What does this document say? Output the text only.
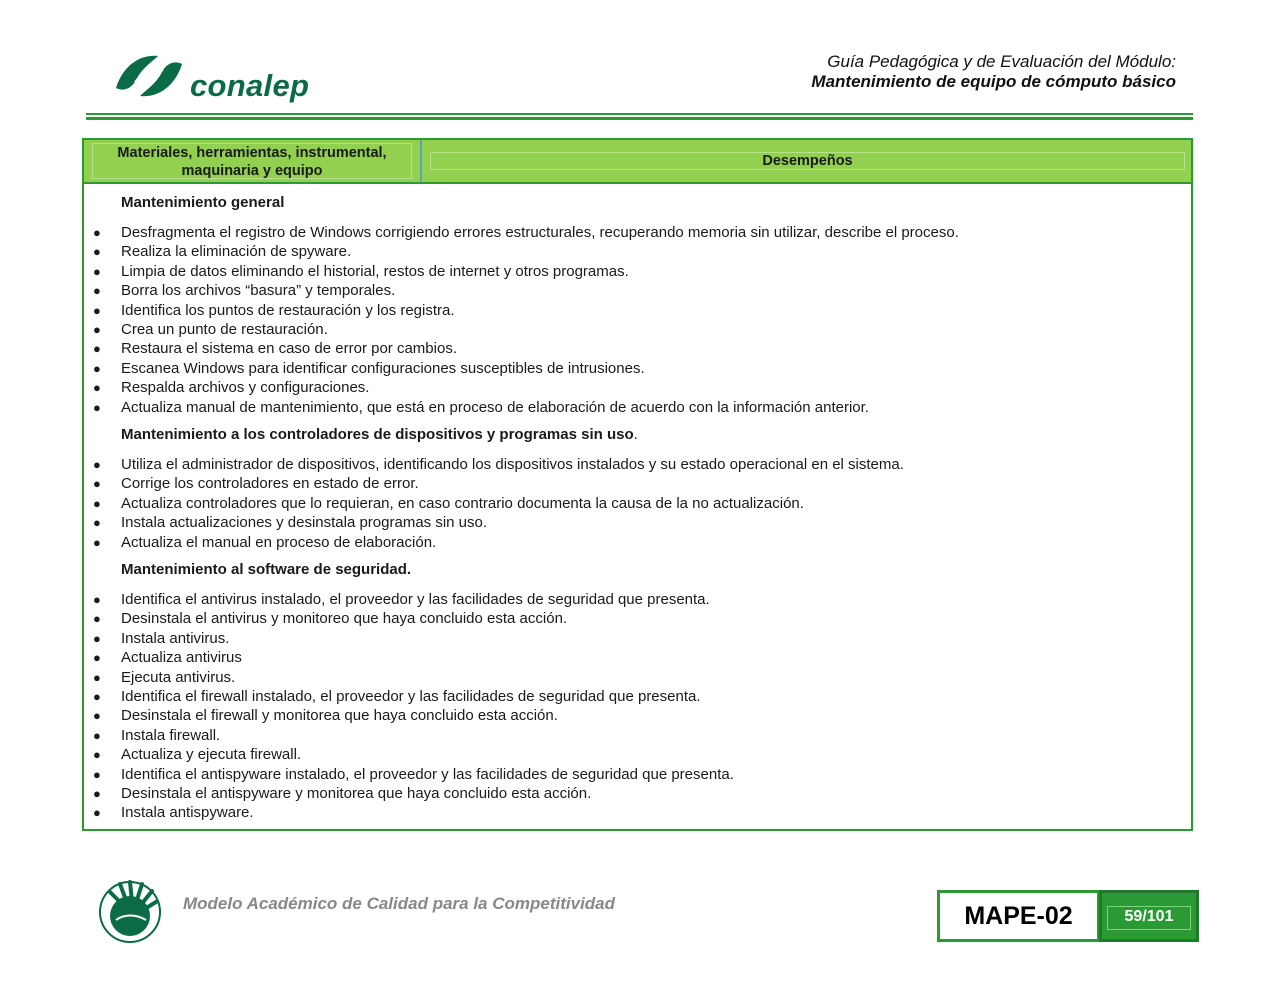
conalep
Guía Pedagógica y de Evaluación del Módulo:
Mantenimiento de equipo de cómputo básico
Materiales, herramientas, instrumental,
maquinaria y equipo
Desempeños
Mantenimiento general
● Desfragmenta el registro de Windows corrigiendo errores estructurales, recuperando memoria sin utilizar, describe el proceso.
● Realiza la eliminación de spyware.
● Limpia de datos eliminando el historial, restos de internet y otros programas.
● Borra los archivos “basura” y temporales.
● Identifica los puntos de restauración y los registra.
● Crea un punto de restauración.
● Restaura el sistema en caso de error por cambios.
● Escanea Windows para identificar configuraciones susceptibles de intrusiones.
● Respalda archivos y configuraciones.
● Actualiza manual de mantenimiento, que está en proceso de elaboración de acuerdo con la información anterior.
Mantenimiento a los controladores de dispositivos y programas sin uso.
● Utiliza el administrador de dispositivos, identificando los dispositivos instalados y su estado operacional en el sistema.
● Corrige los controladores en estado de error.
● Actualiza controladores que lo requieran, en caso contrario documenta la causa de la no actualización.
● Instala actualizaciones y desinstala programas sin uso.
● Actualiza el manual en proceso de elaboración.
Mantenimiento al software de seguridad.
● Identifica el antivirus instalado, el proveedor y las facilidades de seguridad que presenta.
● Desinstala el antivirus y monitoreo que haya concluido esta acción.
● Instala antivirus.
● Actualiza antivirus
● Ejecuta antivirus.
● Identifica el firewall instalado, el proveedor y las facilidades de seguridad que presenta.
● Desinstala el firewall y monitorea que haya concluido esta acción.
● Instala firewall.
● Actualiza y ejecuta firewall.
● Identifica el antispyware instalado, el proveedor y las facilidades de seguridad que presenta.
● Desinstala el antispyware y monitorea que haya concluido esta acción.
● Instala antispyware.
Modelo Académico de Calidad para la Competitividad	MAPE-02	59/101
